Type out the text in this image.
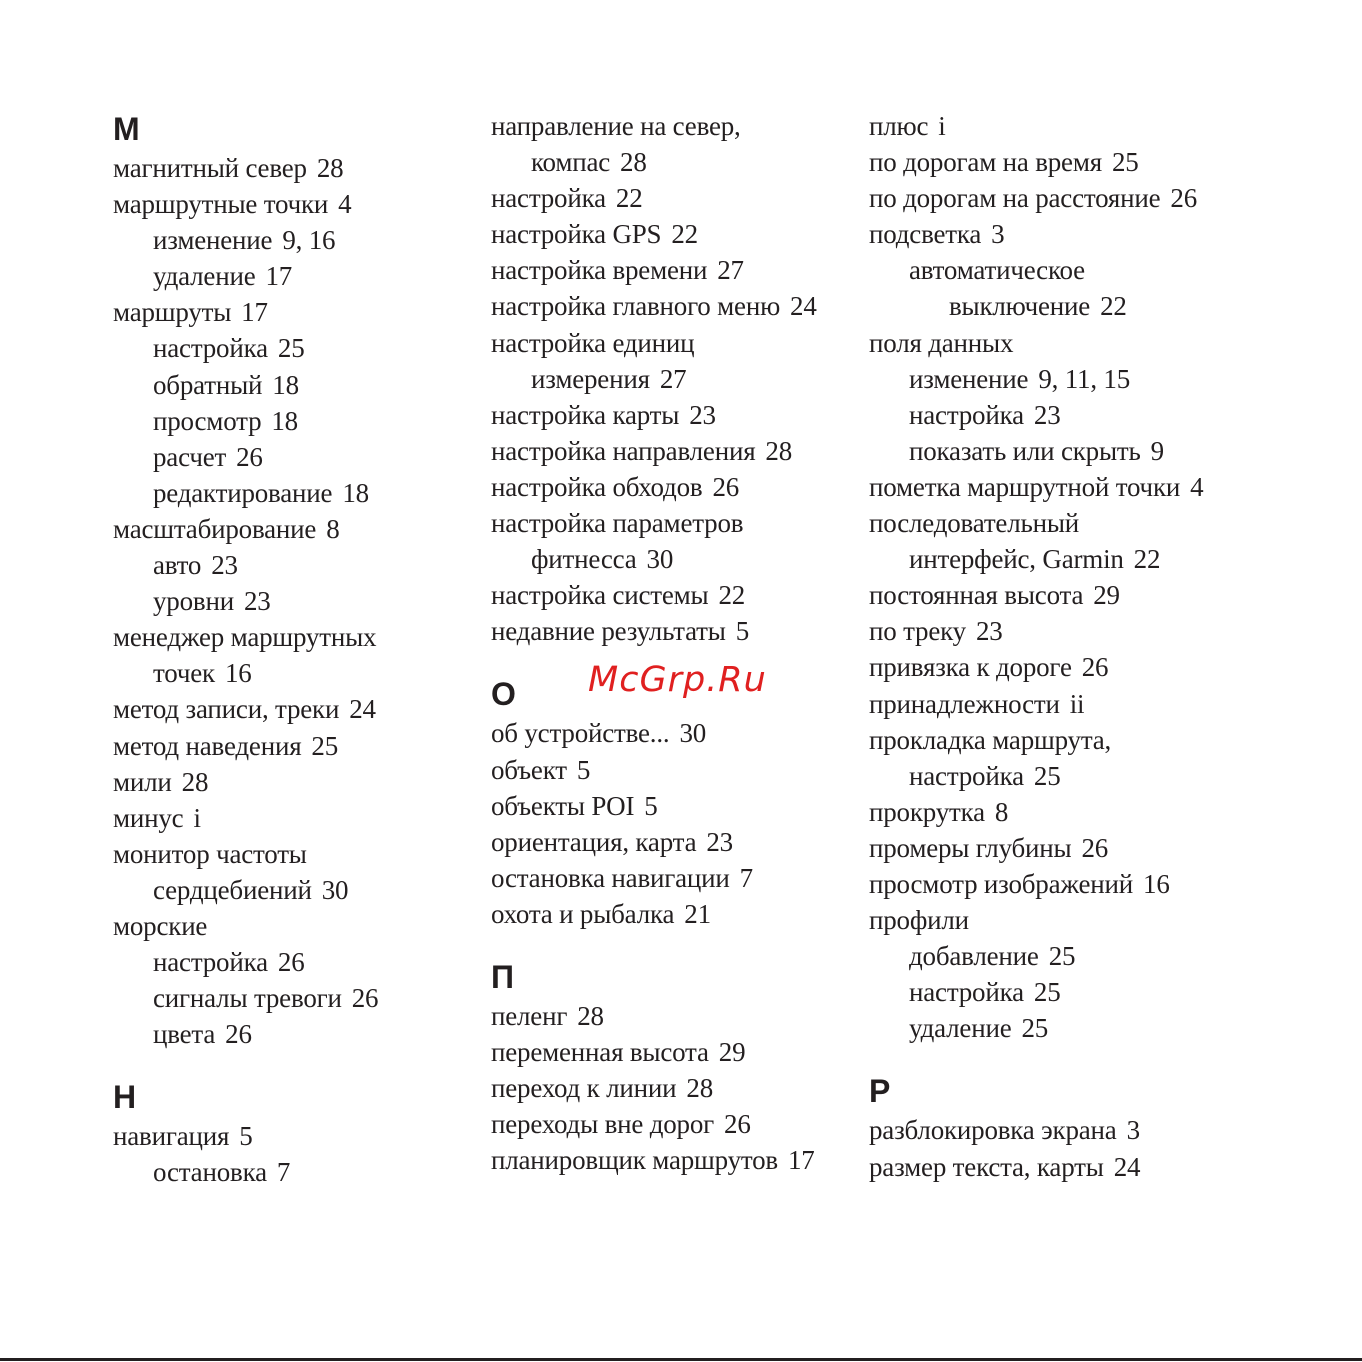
М
магнитный север 28
маршрутные точки 4
изменение 9, 16
удаление 17
маршруты 17
настройка 25
обратный 18
просмотр 18
расчет 26
редактирование 18
масштабирование 8
авто 23
уровни 23
менеджер маршрутных
точек 16
метод записи, треки 24
метод наведения 25
мили 28
минус i
монитор частоты
сердцебиений 30
морские
настройка 26
сигналы тревоги 26
цвета 26
Н
навигация 5
остановка 7
направление на север,
компас 28
настройка 22
настройка GPS 22
настройка времени 27
настройка главного меню 24
настройка единиц
измерения 27
настройка карты 23
настройка направления 28
настройка обходов 26
настройка параметров
фитнесса 30
настройка системы 22
недавние результаты 5
О
об устройстве... 30
объект 5
объекты POI 5
ориентация, карта 23
остановка навигации 7
охота и рыбалка 21
П
пеленг 28
переменная высота 29
переход к линии 28
переходы вне дорог 26
планировщик маршрутов 17
плюс i
по дорогам на время 25
по дорогам на расстояние 26
подсветка 3
автоматическое
выключение 22
поля данных
изменение 9, 11, 15
настройка 23
показать или скрыть 9
пометка маршрутной точки 4
последовательный
интерфейс, Garmin 22
постоянная высота 29
по треку 23
привязка к дороге 26
принадлежности ii
прокладка маршрута,
настройка 25
прокрутка 8
промеры глубины 26
просмотр изображений 16
профили
добавление 25
настройка 25
удаление 25
Р
разблокировка экрана 3
размер текста, карты 24
McGrp.Ru
